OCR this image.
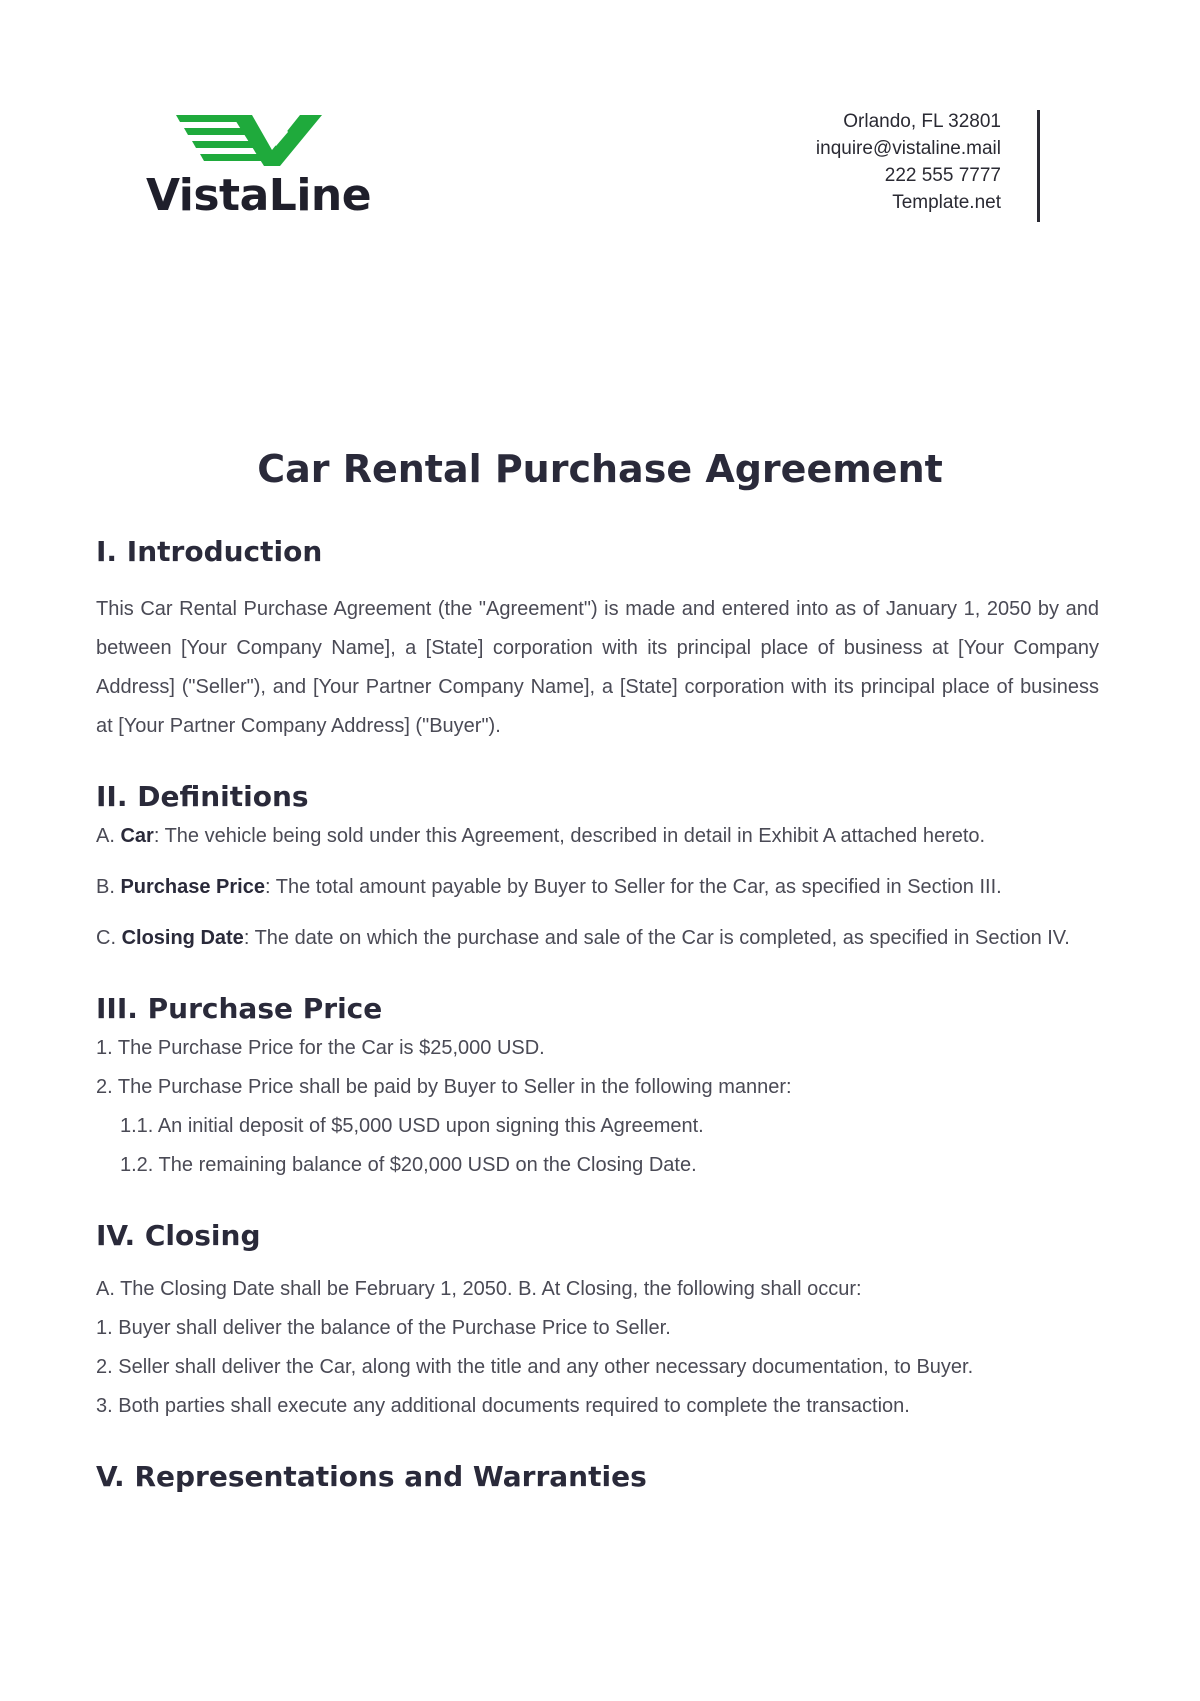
VistaLine
Orlando, FL 32801
inquire@vistaline.mail
222 555 7777
Template.net
Car Rental Purchase Agreement
I. Introduction

This Car Rental Purchase Agreement (the "Agreement") is made and entered into as of January 1, 2050 by and between [Your Company Name], a [State] corporation with its principal place of business at [Your Company Address] ("Seller"), and [Your Partner Company Name], a [State] corporation with its principal place of business at [Your Partner Company Address] ("Buyer").

II. Definitions

A. Car: The vehicle being sold under this Agreement, described in detail in Exhibit A attached hereto.

B. Purchase Price: The total amount payable by Buyer to Seller for the Car, as specified in Section III.

C. Closing Date: The date on which the purchase and sale of the Car is completed, as specified in Section IV.

III. Purchase Price

1. The Purchase Price for the Car is $25,000 USD.

2. The Purchase Price shall be paid by Buyer to Seller in the following manner:

1.1. An initial deposit of $5,000 USD upon signing this Agreement.

1.2. The remaining balance of $20,000 USD on the Closing Date.

IV. Closing

A. The Closing Date shall be February 1, 2050. B. At Closing, the following shall occur:

1. Buyer shall deliver the balance of the Purchase Price to Seller.

2. Seller shall deliver the Car, along with the title and any other necessary documentation, to Buyer.

3. Both parties shall execute any additional documents required to complete the transaction.

V. Representations and Warranties
